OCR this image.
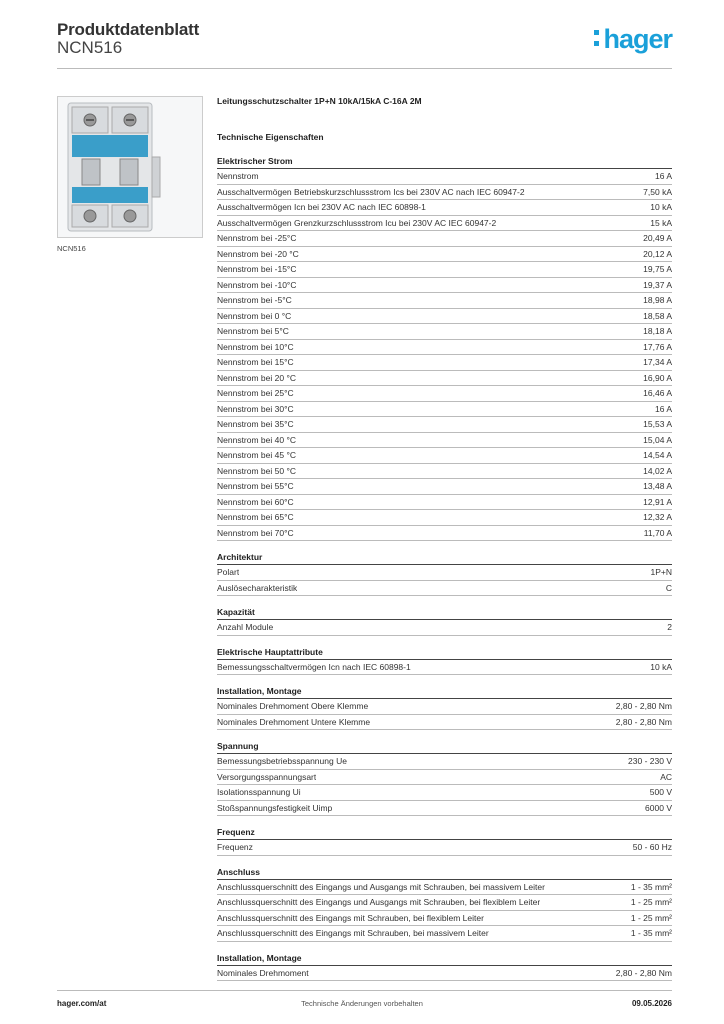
Produktdatenblatt
NCN516	hager
NCN516
Leitungsschutzschalter 1P+N 10kA/15kA C-16A 2M
Technische Eigenschaften
Elektrischer Strom
Nennstrom	16 A
Ausschaltvermögen Betriebskurzschlussstrom Ics bei 230V AC nach IEC 60947-2	7,50 kA
Ausschaltvermögen Icn bei 230V AC nach IEC 60898-1	10 kA
Ausschaltvermögen Grenzkurzschlussstrom Icu bei 230V AC IEC 60947-2	15 kA
Nennstrom bei -25°C	20,49 A
Nennstrom bei -20 °C	20,12 A
Nennstrom bei -15°C	19,75 A
Nennstrom bei -10°C	19,37 A
Nennstrom bei -5°C	18,98 A
Nennstrom bei 0 °C	18,58 A
Nennstrom bei 5°C	18,18 A
Nennstrom bei 10°C	17,76 A
Nennstrom bei 15°C	17,34 A
Nennstrom bei 20 °C	16,90 A
Nennstrom bei 25°C	16,46 A
Nennstrom bei 30°C	16 A
Nennstrom bei 35°C	15,53 A
Nennstrom bei 40 °C	15,04 A
Nennstrom bei 45 °C	14,54 A
Nennstrom bei 50 °C	14,02 A
Nennstrom bei 55°C	13,48 A
Nennstrom bei 60°C	12,91 A
Nennstrom bei 65°C	12,32 A
Nennstrom bei 70°C	11,70 A
Architektur
Polart	1P+N
Auslösecharakteristik	C
Kapazität
Anzahl Module	2
Elektrische Hauptattribute
Bemessungsschaltvermögen Icn nach IEC 60898-1	10 kA
Installation, Montage
Nominales Drehmoment Obere Klemme	2,80 - 2,80 Nm
Nominales Drehmoment Untere Klemme	2,80 - 2,80 Nm
Spannung
Bemessungsbetriebsspannung Ue	230 - 230 V
Versorgungsspannungsart	AC
Isolationsspannung Ui	500 V
Stoßspannungsfestigkeit Uimp	6000 V
Frequenz
Frequenz	50 - 60 Hz
Anschluss
Anschlussquerschnitt des Eingangs und Ausgangs mit Schrauben, bei massivem Leiter	1 - 35 mm²
Anschlussquerschnitt des Eingangs und Ausgangs mit Schrauben, bei flexiblem Leiter	1 - 25 mm²
Anschlussquerschnitt des Eingangs mit Schrauben, bei flexiblem Leiter	1 - 25 mm²
Anschlussquerschnitt des Eingangs mit Schrauben, bei massivem Leiter	1 - 35 mm²
Installation, Montage
Nominales Drehmoment	2,80 - 2,80 Nm
hager.com/at	Technische Änderungen vorbehalten	09.05.2026
